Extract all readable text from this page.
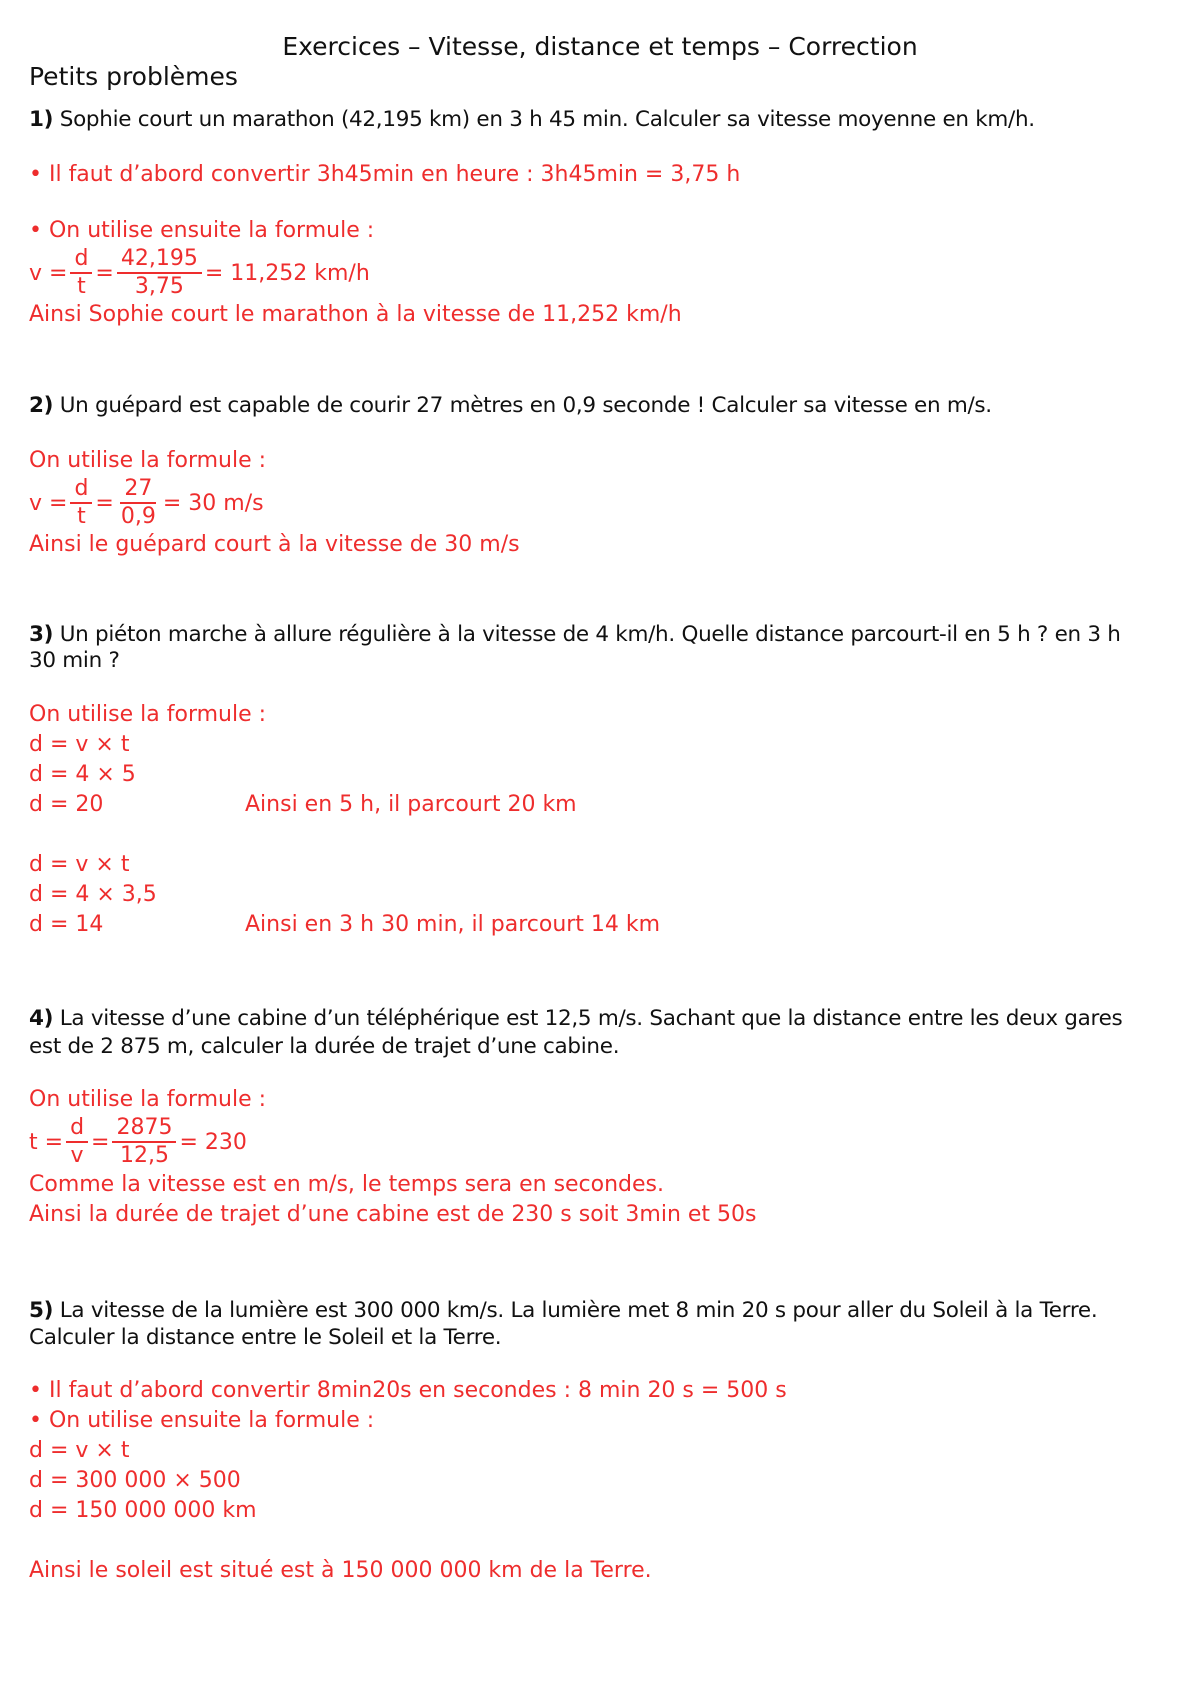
Exercices – Vitesse, distance et temps – Correction
Petits problèmes
1) Sophie court un marathon (42,195 km) en 3 h 45 min. Calculer sa vitesse moyenne en km/h.
• Il faut d’abord convertir 3h45min en heure : 3h45min = 3,75 h
• On utilise ensuite la formule :
$v = \frac{d}{t} = \frac{42,195}{3,75} = 11,252$ km/h
Ainsi Sophie court le marathon à la vitesse de 11,252 km/h
2) Un guépard est capable de courir 27 mètres en 0,9 seconde ! Calculer sa vitesse en m/s.
On utilise la formule :
$v = \frac{d}{t} = \frac{27}{0,9} = 30$ m/s
Ainsi le guépard court à la vitesse de 30 m/s
3) Un piéton marche à allure régulière à la vitesse de 4 km/h. Quelle distance parcourt-il en 5 h ? en 3 h
30 min ?
On utilise la formule :
d = v × t
d = 4 × 5
d = 20	Ainsi en 5 h, il parcourt 20 km
d = v × t
d = 4 × 3,5
d = 14	Ainsi en 3 h 30 min, il parcourt 14 km
4) La vitesse d’une cabine d’un téléphérique est 12,5 m/s. Sachant que la distance entre les deux gares
est de 2 875 m, calculer la durée de trajet d’une cabine.
On utilise la formule :
$t = \frac{d}{v} = \frac{2875}{12,5} = 230$
Comme la vitesse est en m/s, le temps sera en secondes.
Ainsi la durée de trajet d’une cabine est de 230 s soit 3min et 50s
5) La vitesse de la lumière est 300 000 km/s. La lumière met 8 min 20 s pour aller du Soleil à la Terre.
Calculer la distance entre le Soleil et la Terre.
• Il faut d’abord convertir 8min20s en secondes : 8 min 20 s = 500 s
• On utilise ensuite la formule :
d = v × t
d = 300 000 × 500
d = 150 000 000 km
Ainsi le soleil est situé est à 150 000 000 km de la Terre.
